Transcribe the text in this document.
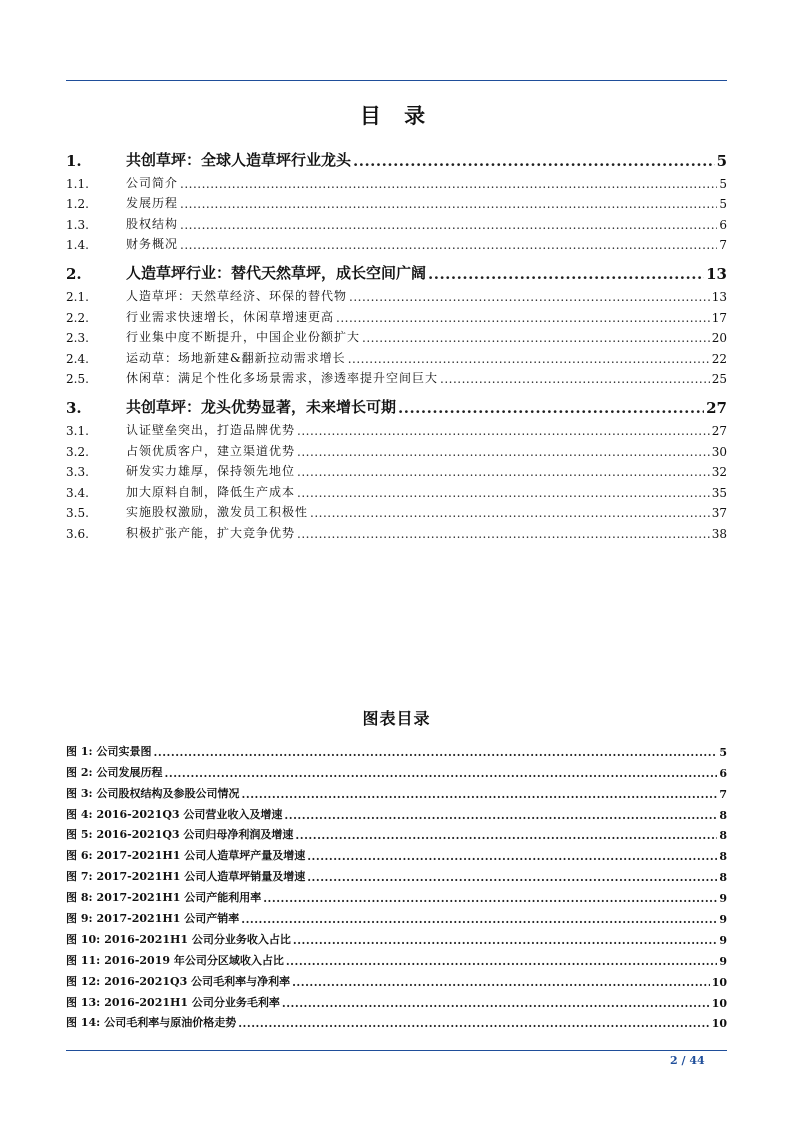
目 录
1.	共创草坪：全球人造草坪行业龙头 .....	5
1.1.	公司简介 .....	5
1.2.	发展历程 .....	5
1.3.	股权结构 .....	6
1.4.	财务概况 .....	7
2.	人造草坪行业：替代天然草坪，成长空间广阔 .....	13
2.1.	人造草坪：天然草经济、环保的替代物 .....	13
2.2.	行业需求快速增长，休闲草增速更高 .....	17
2.3.	行业集中度不断提升，中国企业份额扩大 .....	20
2.4.	运动草：场地新建&翻新拉动需求增长 .....	22
2.5.	休闲草：满足个性化多场景需求，渗透率提升空间巨大 .....	25
3.	共创草坪：龙头优势显著，未来增长可期 .....	27
3.1.	认证壁垒突出，打造品牌优势 .....	27
3.2.	占领优质客户，建立渠道优势 .....	30
3.3.	研发实力雄厚，保持领先地位 .....	32
3.4.	加大原料自制，降低生产成本 .....	35
3.5.	实施股权激励，激发员工积极性 .....	37
3.6.	积极扩张产能，扩大竞争优势 .....	38
图表目录
图 1: 公司实景图 .....	5
图 2: 公司发展历程 .....	6
图 3: 公司股权结构及参股公司情况 .....	7
图 4: 2016-2021Q3 公司营业收入及增速 .....	8
图 5: 2016-2021Q3 公司归母净利润及增速 .....	8
图 6: 2017-2021H1 公司人造草坪产量及增速 .....	8
图 7: 2017-2021H1 公司人造草坪销量及增速 .....	8
图 8: 2017-2021H1 公司产能利用率 .....	9
图 9: 2017-2021H1 公司产销率 .....	9
图 10: 2016-2021H1 公司分业务收入占比 .....	9
图 11: 2016-2019 年公司分区域收入占比 .....	9
图 12: 2016-2021Q3 公司毛利率与净利率 .....	10
图 13: 2016-2021H1 公司分业务毛利率 .....	10
图 14: 公司毛利率与原油价格走势 .....	10
2 / 44
